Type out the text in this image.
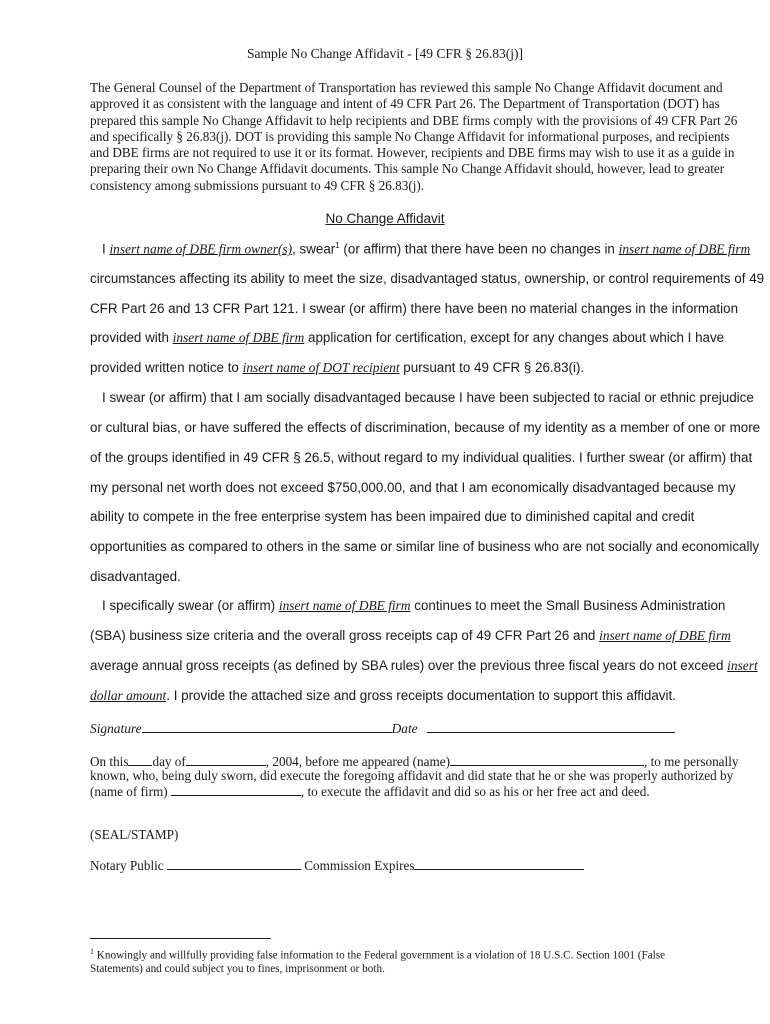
Sample No Change Affidavit - [49 CFR § 26.83(j)]

The General Counsel of the Department of Transportation has reviewed this sample No Change Affidavit document and

approved it as consistent with the language and intent of 49 CFR Part 26. The Department of Transportation (DOT) has

prepared this sample No Change Affidavit to help recipients and DBE firms comply with the provisions of 49 CFR Part 26

and specifically § 26.83(j). DOT is providing this sample No Change Affidavit for informational purposes, and recipients

and DBE firms are not required to use it or its format. However, recipients and DBE firms may wish to use it as a guide in

preparing their own No Change Affidavit documents. This sample No Change Affidavit should, however, lead to greater

consistency among submissions pursuant to 49 CFR § 26.83(j).

No Change Affidavit
I insert name of DBE firm owner(s), swear$^1$ (or affirm) that there have been no changes in insert name of DBE firm
circumstances affecting its ability to meet the size, disadvantaged status, ownership, or control requirements of 49
CFR Part 26 and 13 CFR Part 121. I swear (or affirm) there have been no material changes in the information
provided with insert name of DBE firm application for certification, except for any changes about which I have
provided written notice to insert name of DOT recipient pursuant to 49 CFR § 26.83(i).
I swear (or affirm) that I am socially disadvantaged because I have been subjected to racial or ethnic prejudice
or cultural bias, or have suffered the effects of discrimination, because of my identity as a member of one or more
of the groups identified in 49 CFR § 26.5, without regard to my individual qualities. I further swear (or affirm) that
my personal net worth does not exceed $750,000.00, and that I am economically disadvantaged because my
ability to compete in the free enterprise system has been impaired due to diminished capital and credit
opportunities as compared to others in the same or similar line of business who are not socially and economically
disadvantaged.
I specifically swear (or affirm) insert name of DBE firm continues to meet the Small Business Administration
(SBA) business size criteria and the overall gross receipts cap of 49 CFR Part 26 and insert name of DBE firm
average annual gross receipts (as defined by SBA rules) over the previous three fiscal years do not exceed insert
dollar amount. I provide the attached size and gross receipts documentation to support this affidavit.
Signature	Date
On this day of	, 2004, before me appeared (name)	, to me personally
known, who, being duly sworn, did execute the foregoing affidavit and did state that he or she was properly authorized by
(name of firm)	, to execute the affidavit and did so as his or her free act and deed.
(SEAL/STAMP)
Notary Public	Commission Expires
$^1$ Knowingly and willfully providing false information to the Federal government is a violation of 18 U.S.C. Section 1001 (False
Statements) and could subject you to fines, imprisonment or both.
